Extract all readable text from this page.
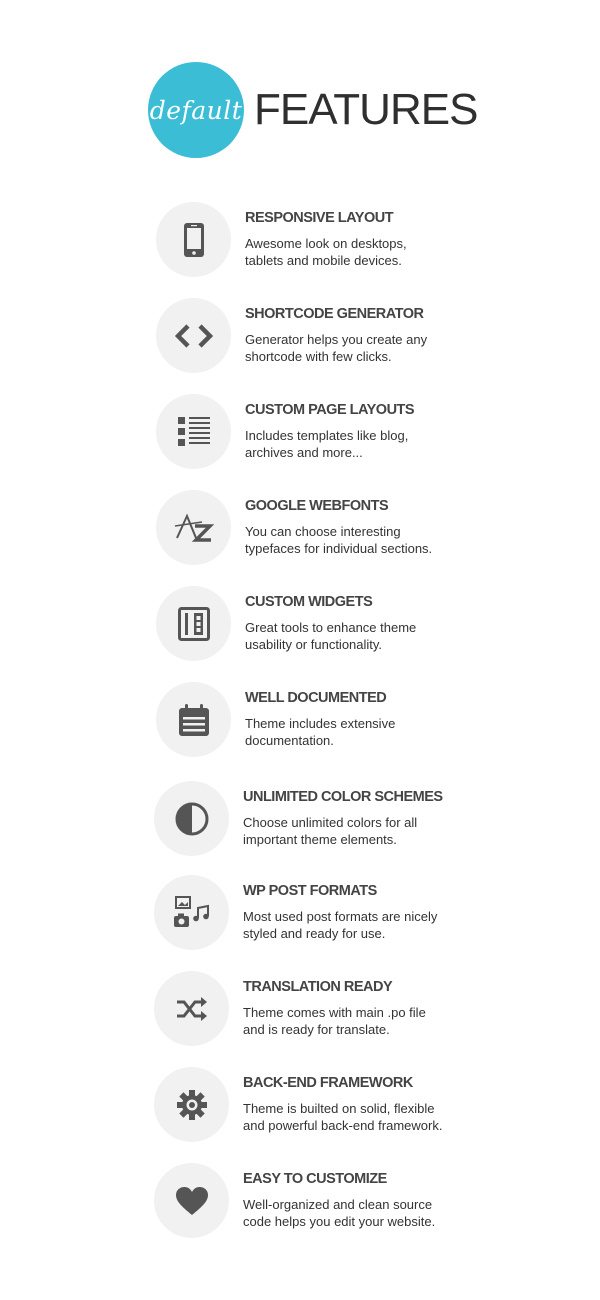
default FEATURES
RESPONSIVE LAYOUT
Awesome look on desktops,
tablets and mobile devices.
SHORTCODE GENERATOR
Generator helps you create any
shortcode with few clicks.
CUSTOM PAGE LAYOUTS
Includes templates like blog,
archives and more...
GOOGLE WEBFONTS
You can choose interesting
typefaces for individual sections.
CUSTOM WIDGETS
Great tools to enhance theme
usability or functionality.
WELL DOCUMENTED
Theme includes extensive
documentation.
UNLIMITED COLOR SCHEMES
Choose unlimited colors for all
important theme elements.
WP POST FORMATS
Most used post formats are nicely
styled and ready for use.
TRANSLATION READY
Theme comes with main .po file
and is ready for translate.
BACK-END FRAMEWORK
Theme is builted on solid, flexible
and powerful back-end framework.
EASY TO CUSTOMIZE
Well-organized and clean source
code helps you edit your website.
